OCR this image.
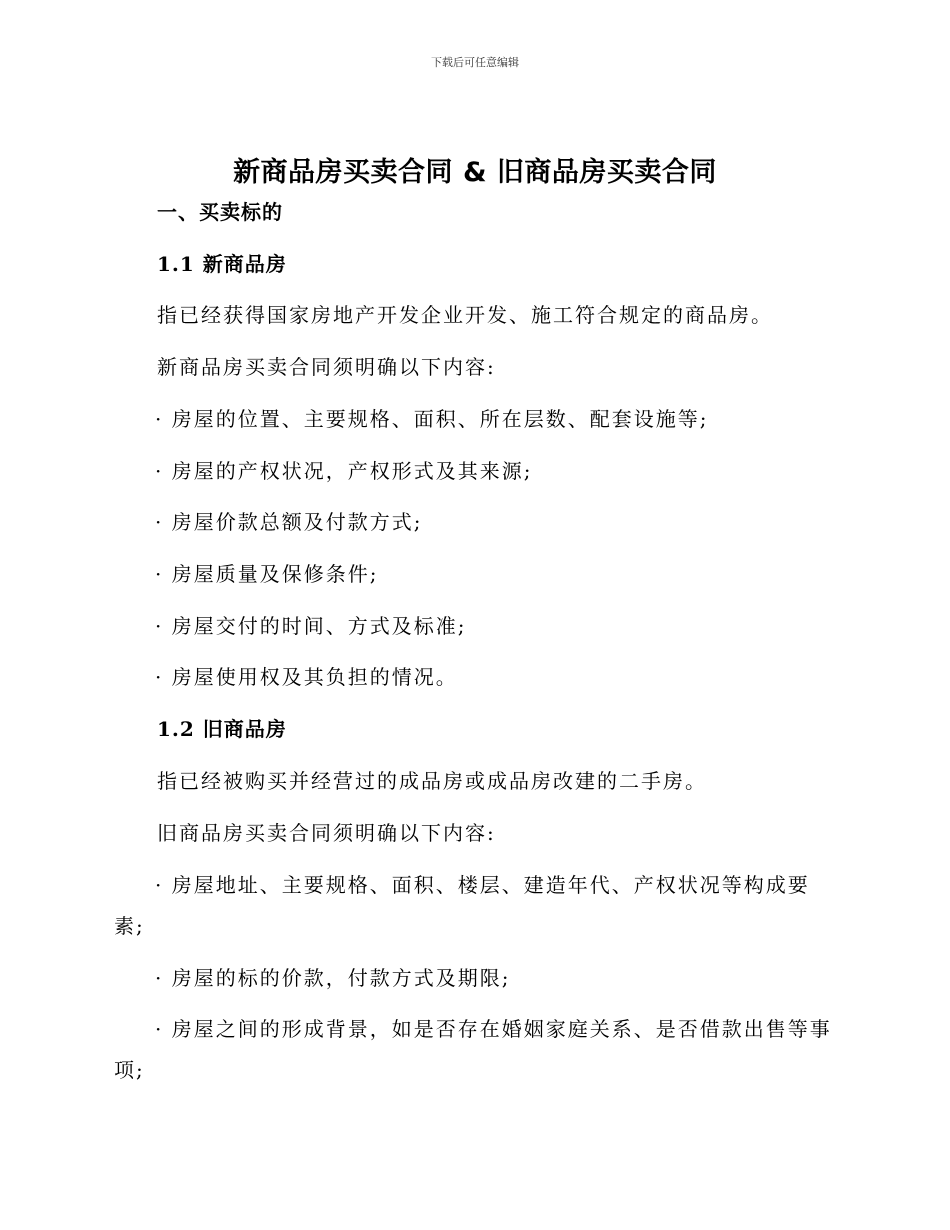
下载后可任意编辑
新商品房买卖合同 & 旧商品房买卖合同
一、买卖标的
1.1 新商品房
指已经获得国家房地产开发企业开发、施工符合规定的商品房。
新商品房买卖合同须明确以下内容:
· 房屋的位置、主要规格、面积、所在层数、配套设施等;
· 房屋的产权状况，产权形式及其来源;
· 房屋价款总额及付款方式;
· 房屋质量及保修条件;
· 房屋交付的时间、方式及标准;
· 房屋使用权及其负担的情况。
1.2 旧商品房
指已经被购买并经营过的成品房或成品房改建的二手房。
旧商品房买卖合同须明确以下内容:
· 房屋地址、主要规格、面积、楼层、建造年代、产权状况等构成要
素;
· 房屋的标的价款，付款方式及期限;
· 房屋之间的形成背景，如是否存在婚姻家庭关系、是否借款出售等事
项;
